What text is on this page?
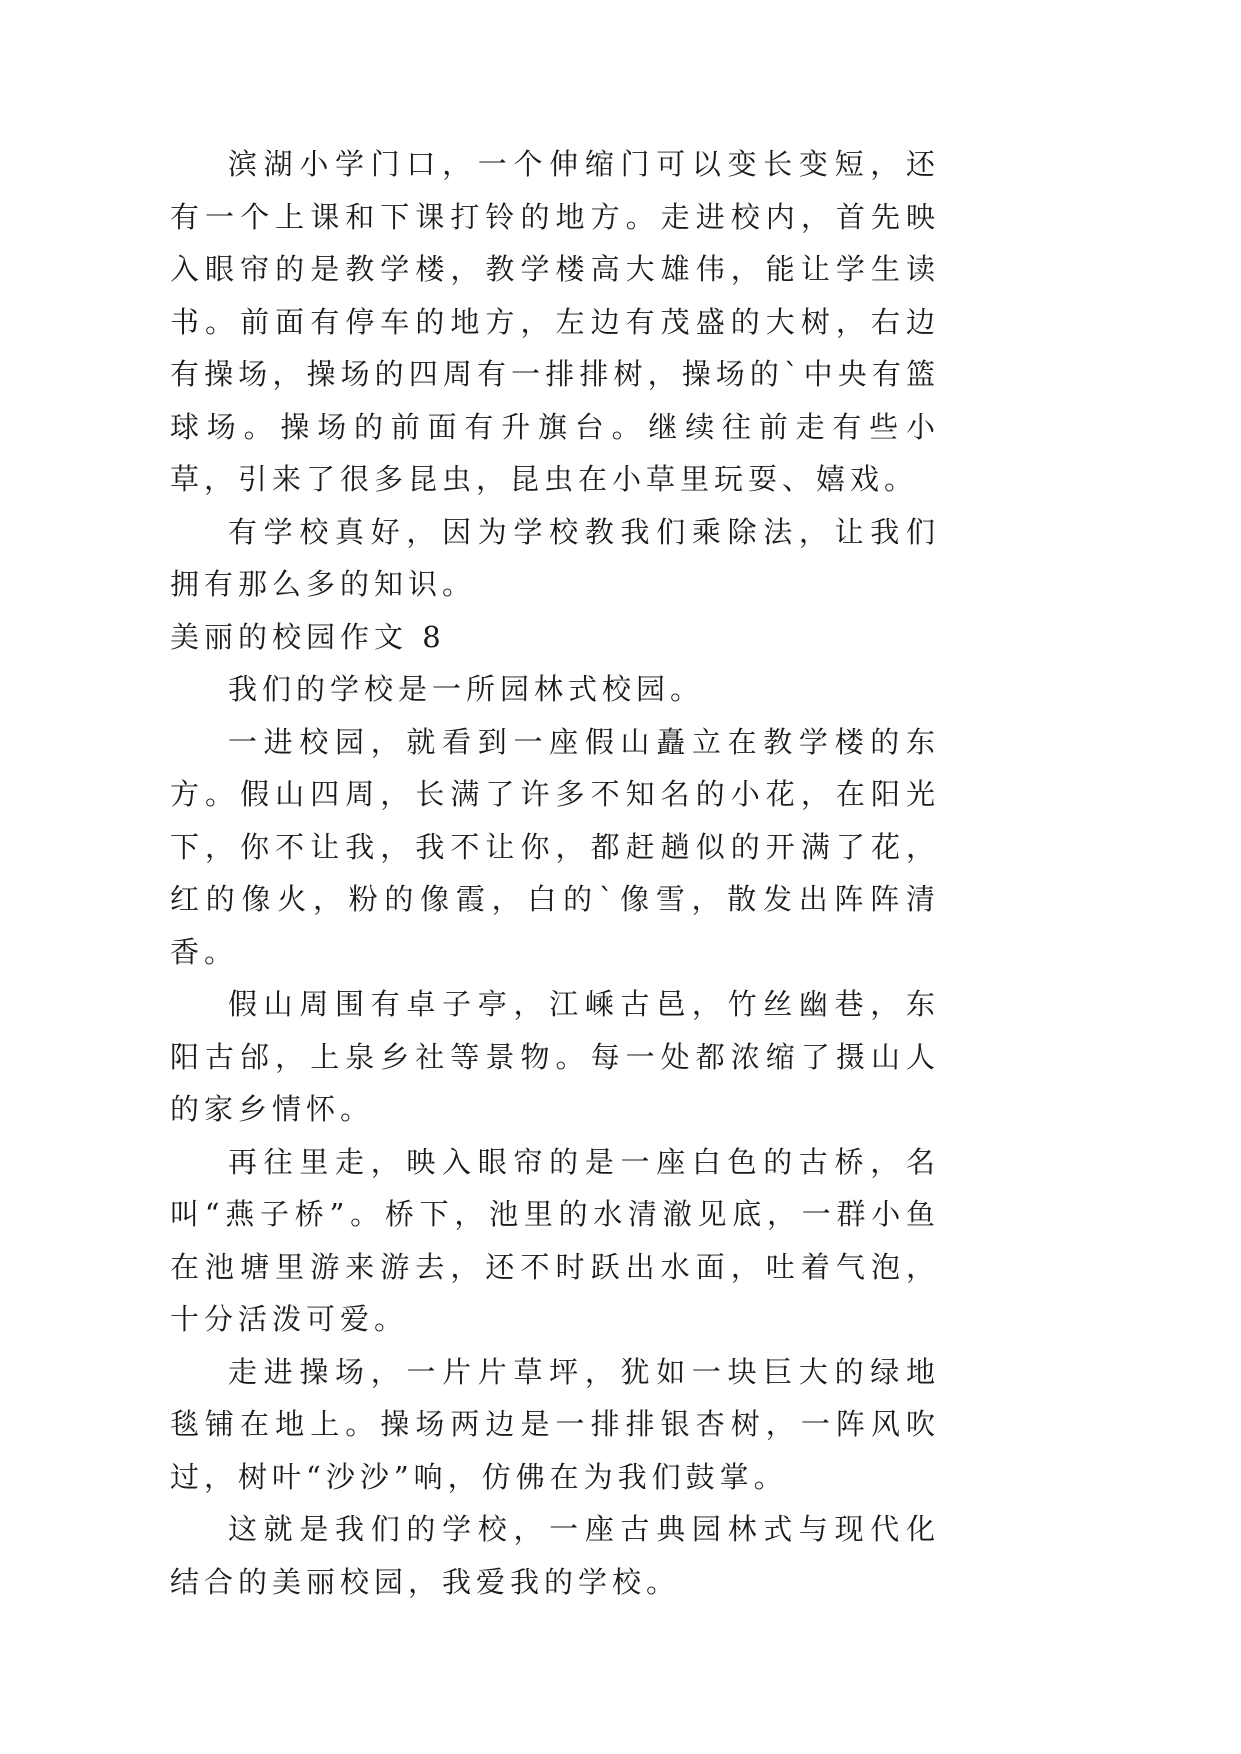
滨湖小学门口，一个伸缩门可以变长变短，还有一个上课和下课打铃的地方。走进校内，首先映入眼帘的是教学楼，教学楼高大雄伟，能让学生读书。前面有停车的地方，左边有茂盛的大树，右边有操场，操场的四周有一排排树，操场的`中央有篮球场。操场的前面有升旗台。继续往前走有些小草，引来了很多昆虫，昆虫在小草里玩耍、嬉戏。

有学校真好，因为学校教我们乘除法，让我们拥有那么多的知识。

美丽的校园作文 8

我们的学校是一所园林式校园。

一进校园，就看到一座假山矗立在教学楼的东方。假山四周，长满了许多不知名的小花，在阳光下，你不让我，我不让你，都赶趟似的开满了花，红的像火，粉的像霞，白的`像雪，散发出阵阵清香。

假山周围有卓子亭，江嵊古邑，竹丝幽巷，东阳古邰，上泉乡社等景物。每一处都浓缩了摄山人的家乡情怀。

再往里走，映入眼帘的是一座白色的古桥，名叫“燕子桥”。桥下，池里的水清澈见底，一群小鱼在池塘里游来游去，还不时跃出水面，吐着气泡，十分活泼可爱。

走进操场，一片片草坪，犹如一块巨大的绿地毯铺在地上。操场两边是一排排银杏树，一阵风吹过，树叶“沙沙”响，仿佛在为我们鼓掌。

这就是我们的学校，一座古典园林式与现代化结合的美丽校园，我爱我的学校。
